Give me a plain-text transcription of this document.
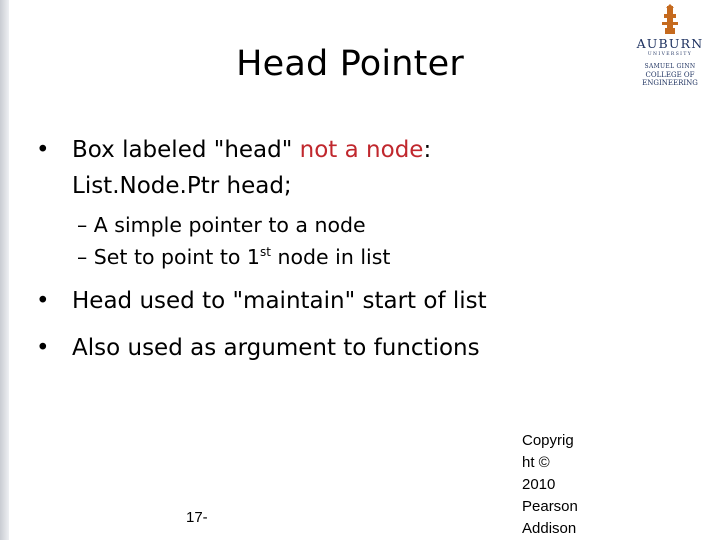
Head Pointer
AUBURN
UNIVERSITY
SAMUEL GINN
COLLEGE OF ENGINEERING
• Box labeled "head" not a node:
List.Node.Ptr head;
– A simple pointer to a node
– Set to point to 1st node in list
• Head used to "maintain" start of list
• Also used as argument to functions
17-
Copyrig
ht ©
2010
Pearson
Addison
